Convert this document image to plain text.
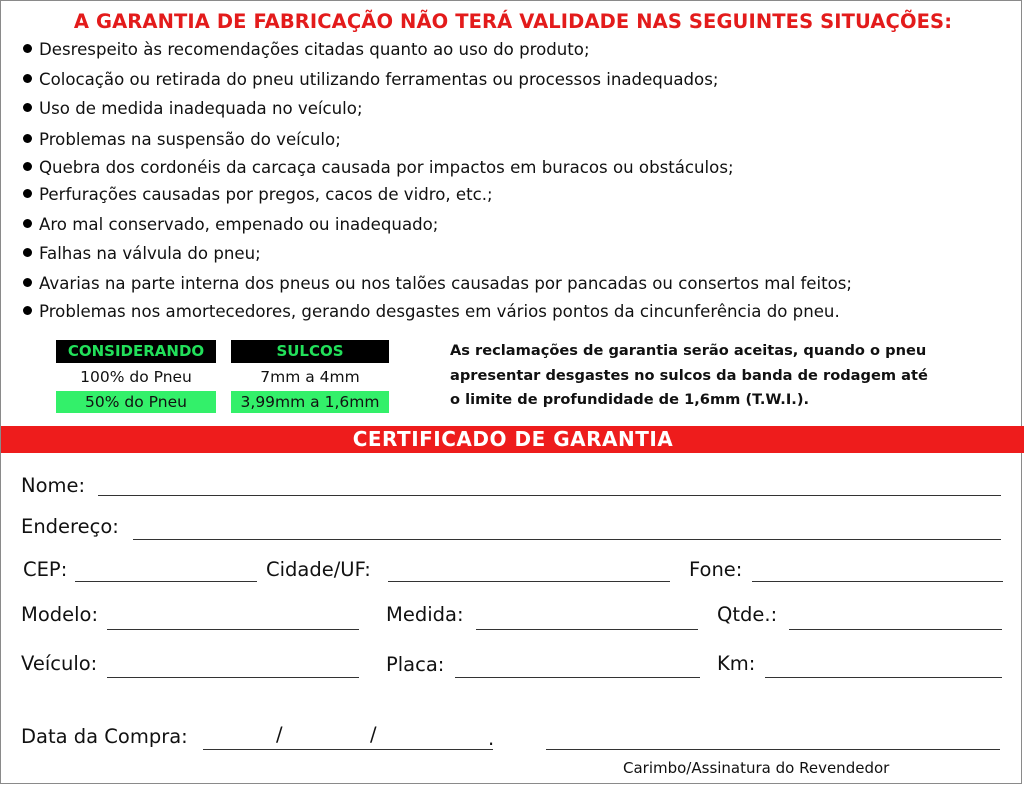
A GARANTIA DE FABRICAÇÃO NÃO TERÁ VALIDADE NAS SEGUINTES SITUAÇÕES:
Desrespeito às recomendações citadas quanto ao uso do produto;
Colocação ou retirada do pneu utilizando ferramentas ou processos inadequados;
Uso de medida inadequada no veículo;
Problemas na suspensão do veículo;
Quebra dos cordonéis da carcaça causada por impactos em buracos ou obstáculos;
Perfurações causadas por pregos, cacos de vidro, etc.;
Aro mal conservado, empenado ou inadequado;
Falhas na válvula do pneu;
Avarias na parte interna dos pneus ou nos talões causadas por pancadas ou consertos mal feitos;
Problemas nos amortecedores, gerando desgastes em vários pontos da cincunferência do pneu.
CONSIDERANDO	SULCOS
100% do Pneu	7mm a 4mm
50% do Pneu	3,99mm a 1,6mm
As reclamações de garantia serão aceitas, quando o pneu
apresentar desgastes no sulcos da banda de rodagem até
o limite de profundidade de 1,6mm (T.W.I.).
CERTIFICADO DE GARANTIA
Nome:
Endereço:
CEP:	Cidade/UF:	Fone:
Modelo:	Medida:	Qtde.:
Veículo:	Placa:	Km:
Data da Compra:	/	/	.
Carimbo/Assinatura do Revendedor
